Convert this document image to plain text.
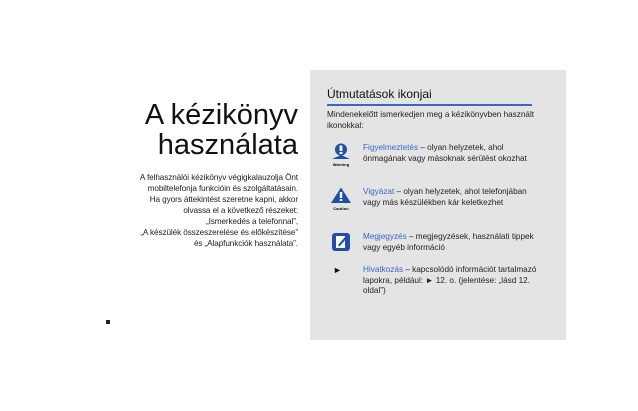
A kézikönyv
használata
A felhasználói kézikönyv végigkalauzolja Önt
mobiltelefonja funkcióin és szolgáltatásain.
Ha gyors áttekintést szeretne kapni, akkor
olvassa el a következő részeket:
„Ismerkedés a telefonnal”,
„A készülék összeszerelése és előkészítése”
és „Alapfunkciók használata”.
Útmutatások ikonjai
Mindenekelőtt ismerkedjen meg a kézikönyvben használt ikonokkal:
Warning
Figyelmeztetés – olyan helyzetek, ahol önmagának vagy másoknak sérülést okozhat
Caution
Vigyázat – olyan helyzetek, ahol telefonjában vagy más készülékben kár keletkezhet
Megjegyzés – megjegyzések, használati tippek vagy egyéb információ
►	Hivatkozás – kapcsolódó információt tartalmazó lapokra, például: ► 12. o. (jelentése: „lásd 12. oldal”)
